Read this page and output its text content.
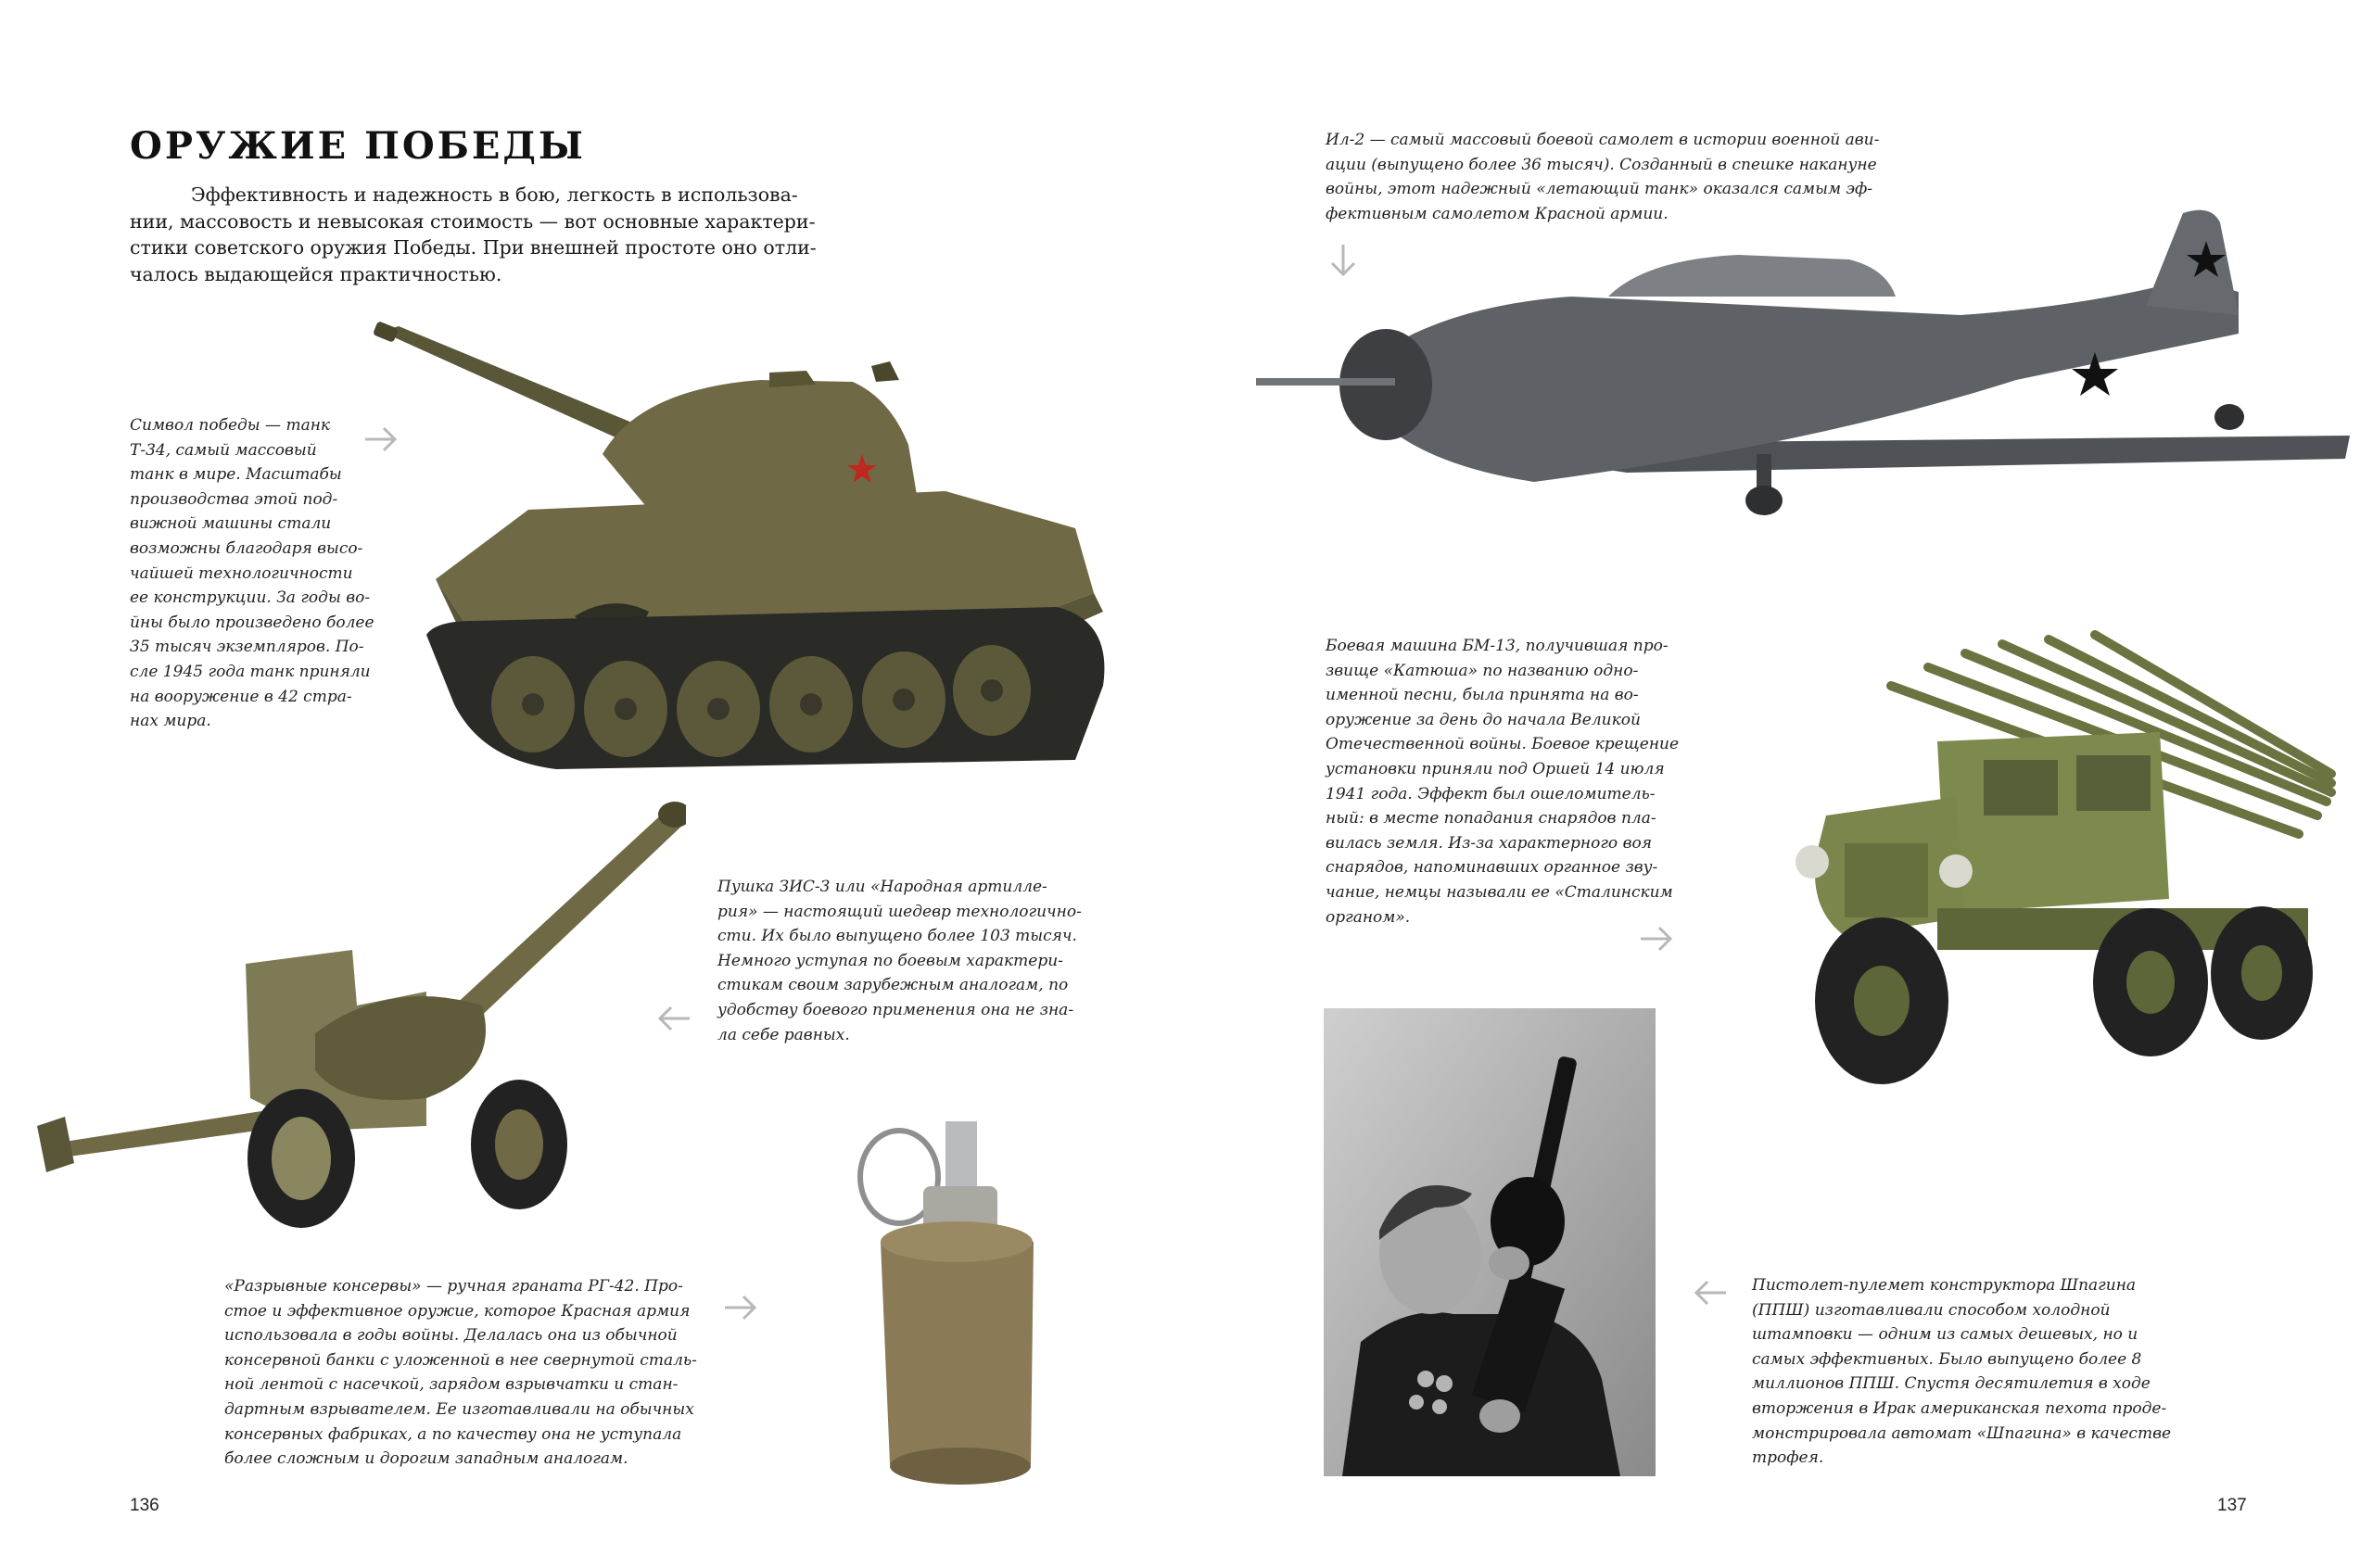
ОРУЖИЕ ПОБЕДЫ

Эффективность и надежность в бою, легкость в использова-
нии, массовость и невысокая стоимость — вот основные характери-
стики советского оружия Победы. При внешней простоте оно отли-
чалось выдающейся практичностью.

Символ победы — танк
Т-34, самый массовый
танк в мире. Масштабы
производства этой под-
вижной машины стали
возможны благодаря высо-
чайшей технологичности
ее конструкции. За годы во-
йны было произведено более
35 тысяч экземпляров. По-
сле 1945 года танк приняли
на вооружение в 42 стра-
нах мира.
Пушка ЗИС-3 или «Народная артилле-
рия» — настоящий шедевр технологично-
сти. Их было выпущено более 103 тысяч.
Немного уступая по боевым характери-
стикам своим зарубежным аналогам, по
удобству боевого применения она не зна-
ла себе равных.
«Разрывные консервы» — ручная граната РГ-42. Про-
стое и эффективное оружие, которое Красная армия
использовала в годы войны. Делалась она из обычной
консервной банки с уложенной в нее свернутой сталь-
ной лентой с насечкой, зарядом взрывчатки и стан-
дартным взрывателем. Ее изготавливали на обычных
консервных фабриках, а по качеству она не уступала
более сложным и дорогим западным аналогам.
136
Ил-2 — самый массовый боевой самолет в истории военной ави-
ации (выпущено более 36 тысяч). Созданный в спешке накануне
войны, этот надежный «летающий танк» оказался самым эф-
фективным самолетом Красной армии.
Боевая машина БМ-13, получившая про-
звище «Катюша» по названию одно-
именной песни, была принята на во-
оружение за день до начала Великой
Отечественной войны. Боевое крещение
установки приняли под Оршей 14 июля
1941 года. Эффект был ошеломитель-
ный: в месте попадания снарядов пла-
вилась земля. Из-за характерного воя
снарядов, напоминавших органное зву-
чание, немцы называли ее «Сталинским
органом».
Пистолет-пулемет конструктора Шпагина
(ППШ) изготавливали способом холодной
штамповки — одним из самых дешевых, но и
самых эффективных. Было выпущено более 8
миллионов ППШ. Спустя десятилетия в ходе
вторжения в Ирак американская пехота проде-
монстрировала автомат «Шпагина» в качестве
трофея.
137
